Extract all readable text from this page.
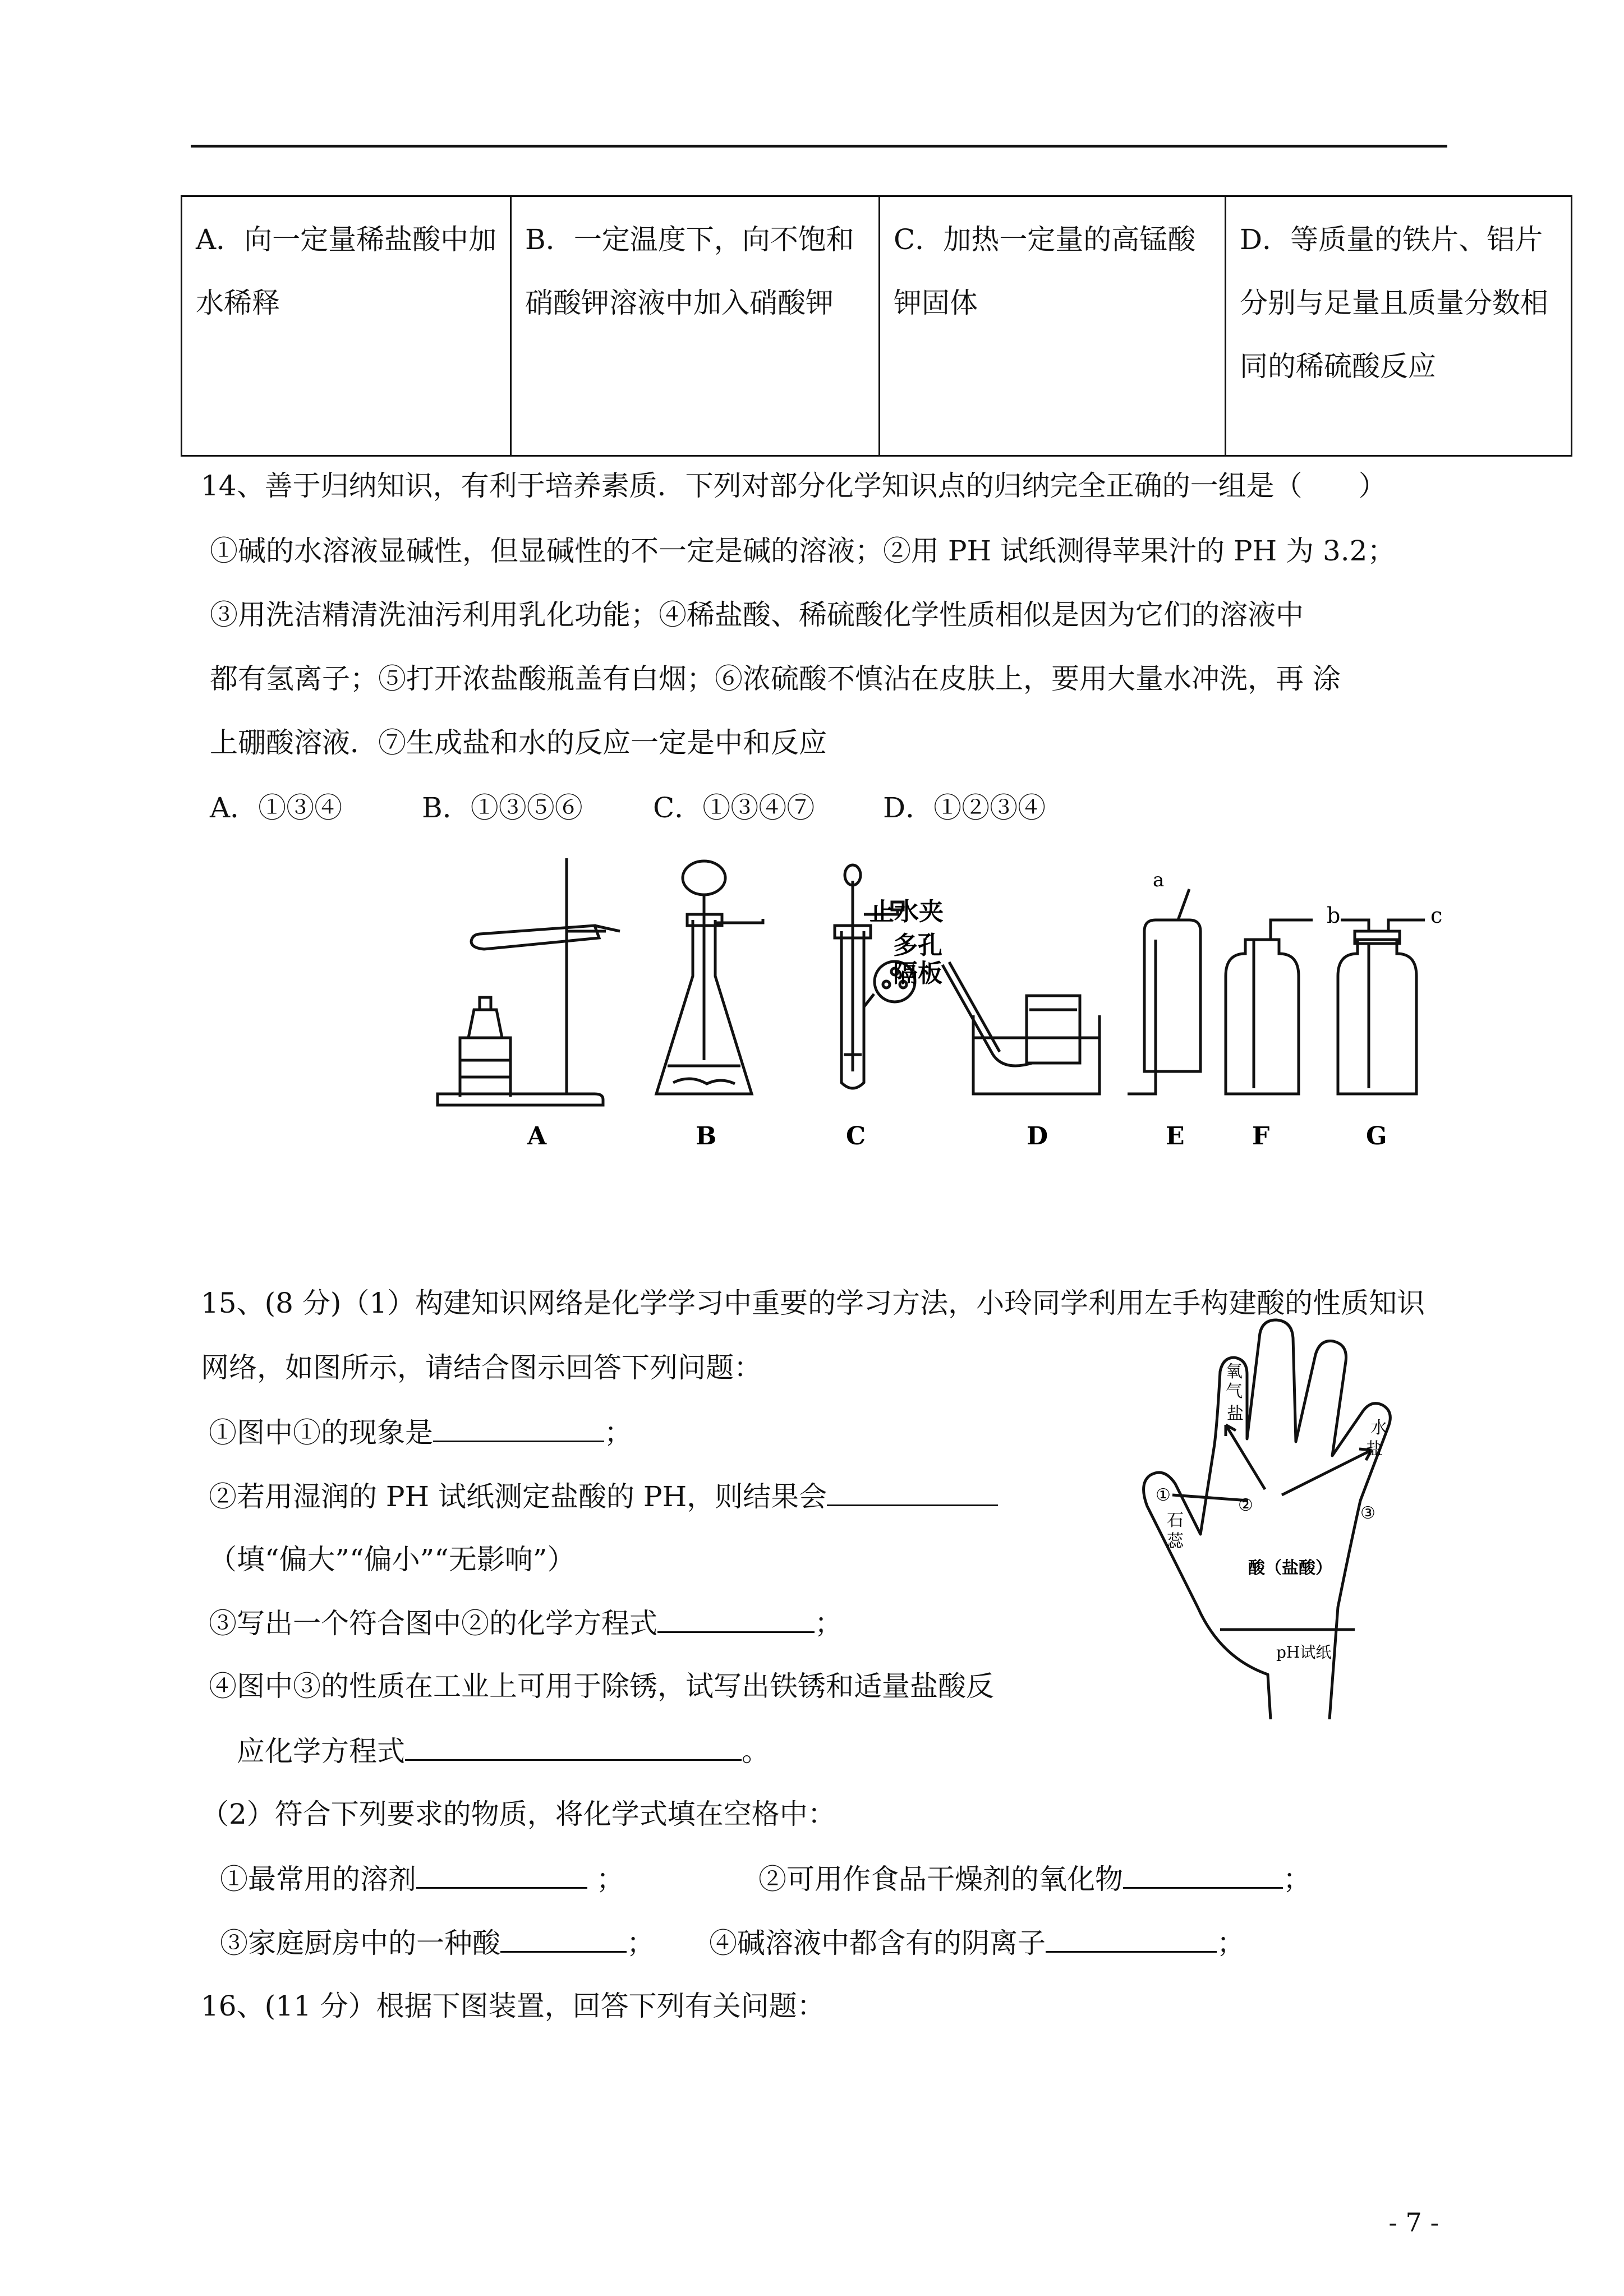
A．向一定量稀盐酸中加水稀释	B．一定温度下，向不饱和硝酸钾溶液中加入硝酸钾	C．加热一定量的高锰酸钾固体	D．等质量的铁片、铝片分别与足量且质量分数相同的稀硫酸反应
14、善于归纳知识，有利于培养素质．下列对部分化学知识点的归纳完全正确的一组是（　　）
①碱的水溶液显碱性，但显碱性的不一定是碱的溶液；②用 PH 试纸测得苹果汁的 PH 为 3.2；
③用洗洁精清洗油污利用乳化功能；④稀盐酸、稀硫酸化学性质相似是因为它们的溶液中
都有氢离子；⑤打开浓盐酸瓶盖有白烟；⑥浓硫酸不慎沾在皮肤上，要用大量水冲洗，再 涂
上硼酸溶液．⑦生成盐和水的反应一定是中和反应
A．①③④	B．①③⑤⑥	C．①③④⑦ D．①②③④
a
b	c
止水夹
多孔
隔板
A	B	C	D	E	F	G
15、(8 分)（1）构建知识网络是化学学习中重要的学习方法，小玲同学利用左手构建酸的性质知识
网络，如图所示，请结合图示回答下列问题：
①图中①的现象是	；
②若用湿润的 PH 试纸测定盐酸的 PH，则结果会
（填“偏大”“偏小”“无影响”）
③写出一个符合图中②的化学方程式	；
④图中③的性质在工业上可用于除锈，试写出铁锈和适量盐酸反
应化学方程式	。
（2）符合下列要求的物质，将化学式填在空格中：
①最常用的溶剂	；	②可用作食品干燥剂的氧化物	；
③家庭厨房中的一种酸	； ④碱溶液中都含有的阴离子	；
氧
气
盐
水
盐
①
石
蕊
②	③
酸（盐酸）
pH试纸
16、(11 分）根据下图装置，回答下列有关问题：
- 7 -
